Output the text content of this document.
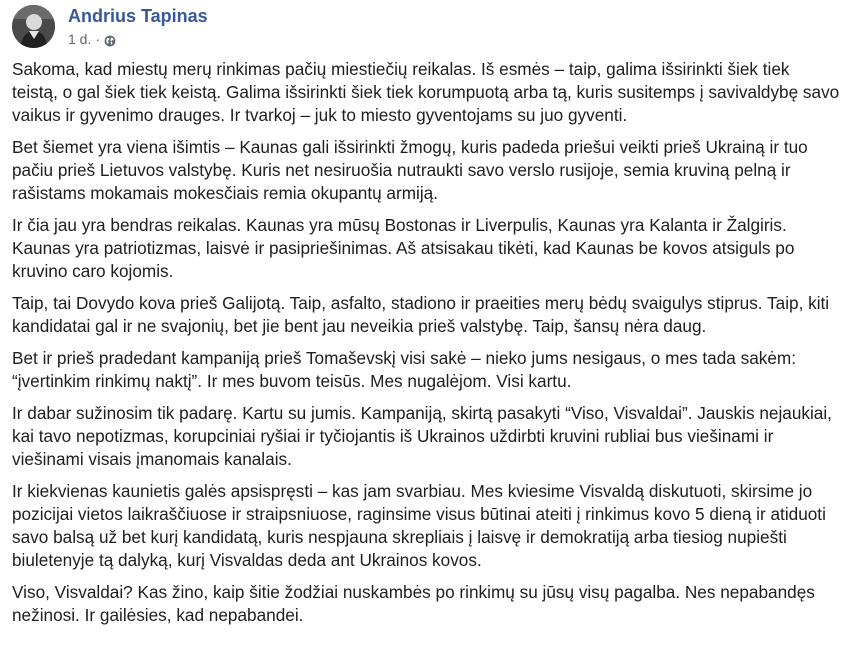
Andrius Tapinas
1 d. ·

Sakoma, kad miestų merų rinkimas pačių miestiečių reikalas. Iš esmės – taip, galima išsirinkti šiek tiek teistą, o gal šiek tiek keistą. Galima išsirinkti šiek tiek korumpuotą arba tą, kuris susitemps į savivaldybę savo vaikus ir gyvenimo drauges. Ir tvarkoj – juk to miesto gyventojams su juo gyventi.

Bet šiemet yra viena išimtis – Kaunas gali išsirinkti žmogų, kuris padeda priešui veikti prieš Ukrainą ir tuo pačiu prieš Lietuvos valstybę. Kuris net nesiruošia nutraukti savo verslo rusijoje, semia kruviną pelną ir rašistams mokamais mokesčiais remia okupantų armiją.

Ir čia jau yra bendras reikalas. Kaunas yra mūsų Bostonas ir Liverpulis, Kaunas yra Kalanta ir Žalgiris. Kaunas yra patriotizmas, laisvė ir pasipriešinimas. Aš atsisakau tikėti, kad Kaunas be kovos atsiguls po kruvino caro kojomis.

Taip, tai Dovydo kova prieš Galijotą. Taip, asfalto, stadiono ir praeities merų bėdų svaigulys stiprus. Taip, kiti kandidatai gal ir ne svajonių, bet jie bent jau neveikia prieš valstybę. Taip, šansų nėra daug.

Bet ir prieš pradedant kampaniją prieš Tomaševskį visi sakė – nieko jums nesigaus, o mes tada sakėm: “įvertinkim rinkimų naktį”. Ir mes buvom teisūs. Mes nugalėjom. Visi kartu.

Ir dabar sužinosim tik padarę. Kartu su jumis. Kampaniją, skirtą pasakyti “Viso, Visvaldai”. Jauskis nejaukiai, kai tavo nepotizmas, korupciniai ryšiai ir tyčiojantis iš Ukrainos uždirbti kruvini rubliai bus viešinami ir viešinami visais įmanomais kanalais.

Ir kiekvienas kaunietis galės apsispręsti – kas jam svarbiau. Mes kviesime Visvaldą diskutuoti, skirsime jo pozicijai vietos laikraščiuose ir straipsniuose, raginsime visus būtinai ateiti į rinkimus kovo 5 dieną ir atiduoti savo balsą už bet kurį kandidatą, kuris nespjauna skrepliais į laisvę ir demokratiją arba tiesiog nupiešti biuletenyje tą dalyką, kurį Visvaldas deda ant Ukrainos kovos.

Viso, Visvaldai? Kas žino, kaip šitie žodžiai nuskambės po rinkimų su jūsų visų pagalba. Nes nepabandęs nežinosi. Ir gailėsies, kad nepabandei.
